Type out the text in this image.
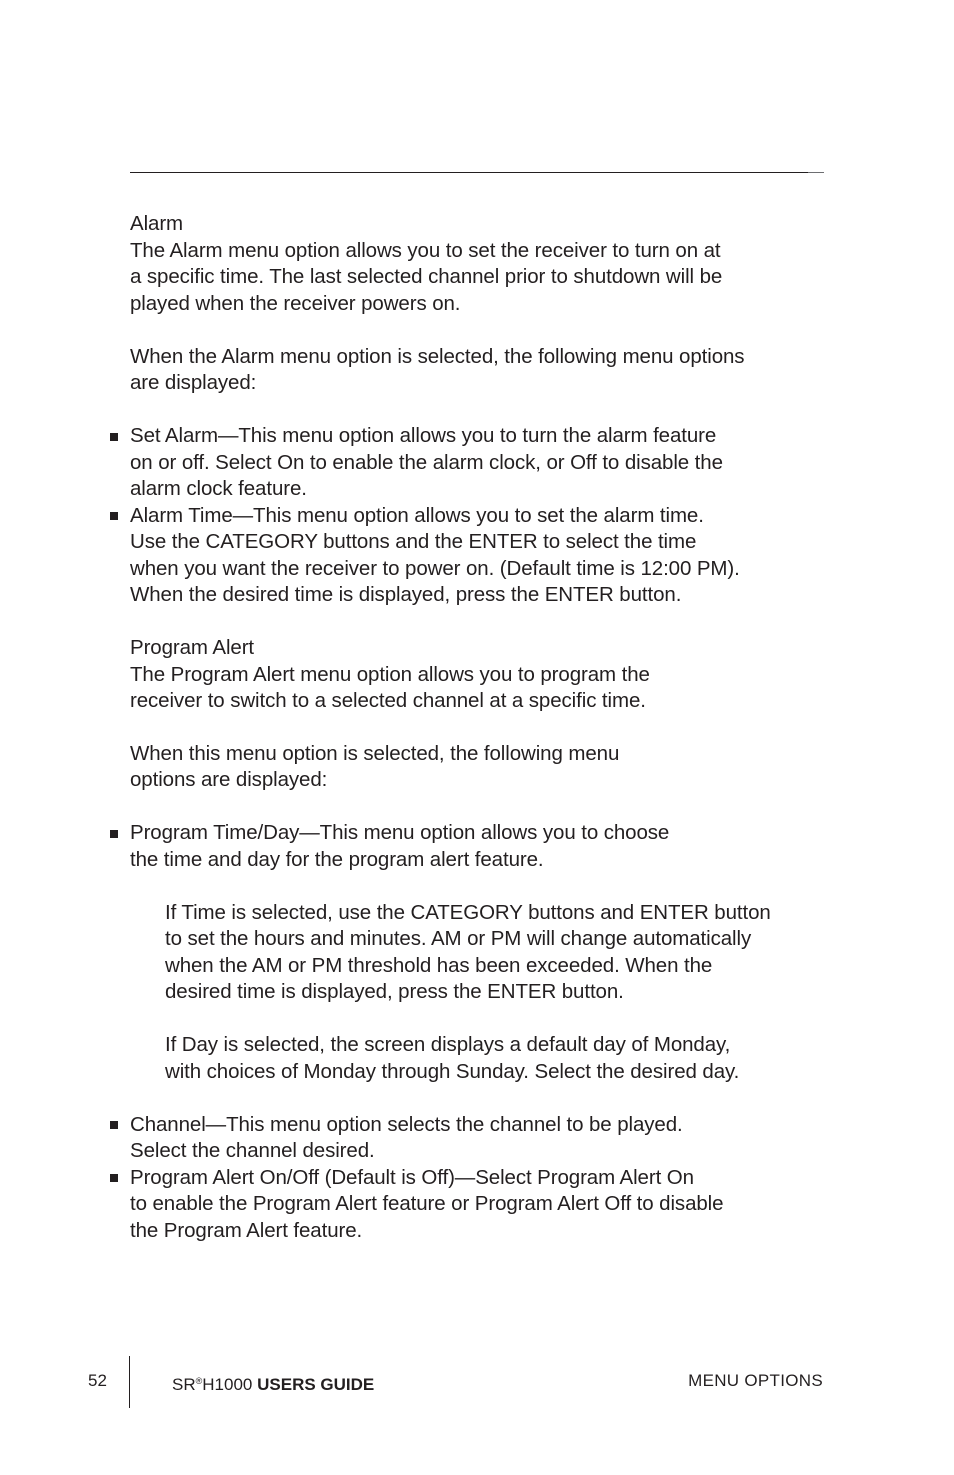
Alarm
The Alarm menu option allows you to set the receiver to turn on at
a specific time. The last selected channel prior to shutdown will be
played when the receiver powers on.
When the Alarm menu option is selected, the following menu options
are displayed:
Set Alarm—This menu option allows you to turn the alarm feature
on or off. Select On to enable the alarm clock, or Off to disable the
alarm clock feature.
Alarm Time—This menu option allows you to set the alarm time.
Use the CATEGORY buttons and the ENTER to select the time
when you want the receiver to power on. (Default time is 12:00 PM).
When the desired time is displayed, press the ENTER button.
Program Alert
The Program Alert menu option allows you to program the
receiver to switch to a selected channel at a specific time.
When this menu option is selected, the following menu
options are displayed:
Program Time/Day—This menu option allows you to choose
the time and day for the program alert feature.
If Time is selected, use the CATEGORY buttons and ENTER button
to set the hours and minutes. AM or PM will change automatically
when the AM or PM threshold has been exceeded. When the
desired time is displayed, press the ENTER button.
If Day is selected, the screen displays a default day of Monday,
with choices of Monday through Sunday. Select the desired day.
Channel—This menu option selects the channel to be played.
Select the channel desired.
Program Alert On/Off (Default is Off)—Select Program Alert On
to enable the Program Alert feature or Program Alert Off to disable
the Program Alert feature.
52	SR®H1000 USERS GUIDE	MENU OPTIONS
